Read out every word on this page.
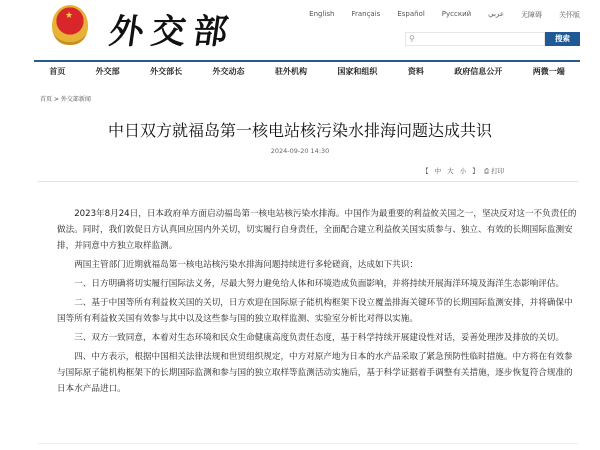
★ 外交部	English Français Español Русский عربي 无障碍 关怀版
⚲	搜索
首页	外交部	外交部长	外交动态	驻外机构	国家和组织	资料	政府信息公开	两微一端
首页 > 外交部新闻
中日双方就福岛第一核电站核污染水排海问题达成共识
2024-09-20 14:30
【 中 大 小 】 ⎙ 打印

2023年8月24日，日本政府单方面启动福岛第一核电站核污染水排海。中国作为最重要的利益攸关国之一，坚决反对这一不负责任的做法。同时，我们敦促日方认真回应国内外关切，切实履行自身责任，全面配合建立利益攸关国实质参与、独立、有效的长期国际监测安排，并同意中方独立取样监测。

两国主管部门近期就福岛第一核电站核污染水排海问题持续进行多轮磋商，达成如下共识：

一、日方明确将切实履行国际法义务，尽最大努力避免给人体和环境造成负面影响，并将持续开展海洋环境及海洋生态影响评估。

二、基于中国等所有利益攸关国的关切，日方欢迎在国际原子能机构框架下设立覆盖排海关键环节的长期国际监测安排，并将确保中国等所有利益攸关国有效参与其中以及这些参与国的独立取样监测、实验室分析比对得以实施。

三、双方一致同意，本着对生态环境和民众生命健康高度负责任态度，基于科学持续开展建设性对话，妥善处理涉及排放的关切。

四、中方表示，根据中国相关法律法规和世贸组织规定，中方对原产地为日本的水产品采取了紧急预防性临时措施。中方将在有效参与国际原子能机构框架下的长期国际监测和参与国的独立取样等监测活动实施后，基于科学证据着手调整有关措施，逐步恢复符合规准的日本水产品进口。
